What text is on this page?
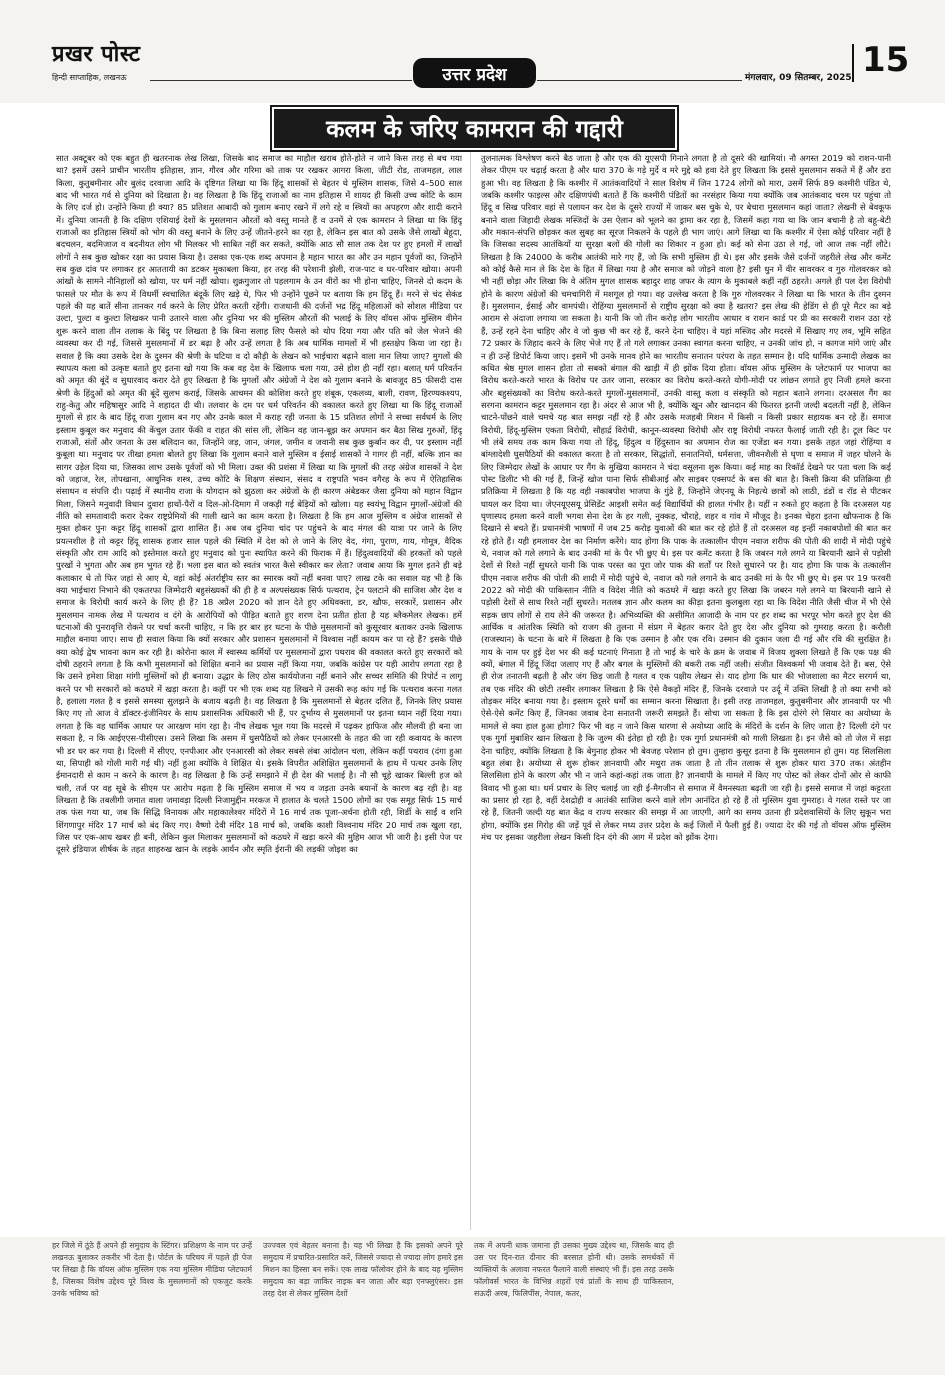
प्रखर पोस्ट
हिन्दी साप्ताहिक, लखनऊ	उत्तर प्रदेश	मंगलवार, 09 सितम्बर, 2025 15
कलम के जरिए कामरान की गद्दारी
सात अक्टूबर को एक बहुत ही खतरनाक लेख लिखा, जिसके बाद समाज का माहौल खराब होते-होते न जाने किस तरह से बच गया था? इसमें उसने प्राचीन भारतीय इतिहास, ज्ञान, गौरव और गरिमा को ताक पर रखकर आगरा किला, जीटी रोड, ताजमहल, लाल किला, कुतुबमीनार और बुलंद दरवाजा आदि के दृष्टिगत लिखा था कि हिंदू शासकों से बेहतर थे मुस्लिम शासक, जिसे 4–500 साल बाद भी भारत गर्व से दुनिया को दिखाता है। वह लिखता है कि हिंदू राजाओं का नाम इतिहास में शायद ही किसी उच्च कोटि के काम के लिए दर्ज हो। उन्होंने किया ही क्या? 85 प्रतिशत आबादी को गुलाम बनाए रखने में लगे रहे व स्त्रियों का अपहरण और शादी कराने में। दुनिया जानती है कि दक्षिण एशियाई देशों के मुसलमान औरतों को वस्तु मानते हैं व उनमें से एक कामरान ने लिखा था कि हिंदू राजाओं का इतिहास स्त्रियों को भोग की वस्तु बनाने के लिए उन्हें जीतने-हरने का रहा है, लेकिन इस बात को उसके जैसे लाखों बेहूदा, बदचलन, बदमिजाज व बदनीयत लोग भी मिलकर भी साबित नहीं कर सकते, क्योंकि आठ सौ साल तक देश पर हुए हमलों में लाखों लोगों ने सब कुछ खोकर रक्षा का प्रयास किया है। उसका एक-एक शब्द अपमान है महान भारत का और उन महान पूर्वजों का, जिन्होंने सब कुछ दांव पर लगाकर हर आततायी का डटकर मुकाबला किया, हर तरह की परेशानी झेली, राज-पाट व घर-परिवार खोया। अपनी आंखों के सामने नौनिहालों को खोया, पर धर्म नहीं खोया। शुक्रगुजार तो पहलगाम के उन वीरों का भी होना चाहिए, जिनसे दो कदम के फासले पर मौत के रूप में विधर्मी स्वचालित बंदूकें लिए खड़े थे, फिर भी उन्होंने पूछने पर बताया कि हम हिंदू हैं। मरने से चंद सेकंड पहले की यह बातें सीना तानकर गर्व करने के लिए प्रेरित करती रहेंगी। राजधानी की दर्जनों भद्र हिंदू महिलाओं को सोशल मीडिया पर उल्टा, पुल्टा व कुल्टा लिखकर पानी उतारने वाला और दुनिया भर की मुस्लिम औरतों की भलाई के लिए वॉयस ऑफ मुस्लिम वीमेन शुरू करने वाला तीन तलाक के बिंदु पर लिखता है कि बिना सलाह लिए फैसले को थोप दिया गया और पति को जेल भेजने की व्यवस्था कर दी गई, जिससे मुसलमानों में डर बढ़ा है और उन्हें लगता है कि अब धार्मिक मामलों में भी हस्तक्षेप किया जा रहा है। सवाल है कि क्या उसके देश के दुश्मन की श्रेणी के घटिया व दो कौड़ी के लेखन को भाईचारा बढ़ाने वाला मान लिया जाए? मुगलों की स्थापत्य कला को उत्कृष्ट बताते हुए इतना खो गया कि कब वह देश के खिलाफ चला गया, उसे होश ही नहीं रहा। बलात् धर्म परिवर्तन को अमृत की बूंदें व सुधारवाद करार देते हुए लिखता है कि मुगलों और अंग्रेजों ने देश को गुलाम बनाने के बावजूद 85 फीसदी दास श्रेणी के हिंदुओं को अमृत की बूंदें सुलभ कराई, जिसके आचमन की कोशिश करते हुए शंबूक, एकलव्य, बाली, रावण, हिरण्यकश्यप, राहु-केतु और महिषासुर आदि ने शहादत दी थी। तलवार के दम पर धर्म परिवर्तन की वकालत करते हुए लिखा था कि हिंदू राजाओं मुगलों से हार के बाद हिंदू राजा गुलाम बन गए और उनके काल में कराह रही जनता के 15 प्रतिशत लोगों ने सच्चा सर्वधर्म के लिए इस्लाम कुबूल कर मनुवाद की केंचुल उतार फेंकी व राहत की सांस ली, लेकिन वह जान-बूझ कर अपमान कर बैठा सिख गुरुओं, हिंदू राजाओं, संतों और जनता के उस बलिदान का, जिन्होंने जड़, जान, जंगल, जमीन व जवानी सब कुछ कुर्बान कर दी, पर इस्लाम नहीं कुबूला था। मनुवाद पर तीखा हमला बोलते हुए लिखा कि गुलाम बनाने वाले मुस्लिम व ईसाई शासकों ने गागर ही नहीं, बल्कि ज्ञान का सागर उड़ेल दिया था, जिसका लाभ उसके पूर्वजों को भी मिला। उक्त की प्रशंसा में लिखा था कि मुगलों की तरह अंग्रेज शासकों ने देश को जहाज, रेल, तोपखाना, आधुनिक शस्त्र, उच्च कोटि के शिक्षण संस्थान, संसद व राष्ट्रपति भवन वगैरह के रूप में ऐतिहासिक संसाधन व संपत्ति दी। पढ़ाई में स्थानीय राजा के योगदान को झुठला कर अंग्रेजों के ही कारण अंबेडकर जैसा दुनिया को महान विद्वान मिला, जिसने मनुवादी विधान दुवारा हाथों-पैरों व दिल-ओ-दिमाग में जकड़ी गई बेड़ियों को खोला। यह स्वयंभू विद्वान मुगलों-अंग्रेजों की नीति को समतावादी करार देकर राष्ट्रप्रेमियों की गाली खाने का काम करता है। लिखता है कि हम आज मुस्लिम व अंग्रेज शासकों से मुक्त होकर पुनः कट्टर हिंदू शासकों द्वारा शासित हैं। अब जब दुनिया चांद पर पहुंचने के बाद मंगल की यात्रा पर जाने के लिए प्रयत्नशील है तो कट्टर हिंदू शासक हजार साल पहले की स्थिति में देश को ले जाने के लिए वेद, गंगा, पुराण, गाय, गोमूत्र, वैदिक संस्कृति और राम आदि को इस्तेमाल करते हुए मनुवाद को पुनः स्थापित करने की फिराक में हैं। हिंदुत्ववादियों की हरकतों को पहले पुरखों ने भुगता और अब हम भुगत रहे हैं। भला इस बात को स्वतंत्र भारत कैसे स्वीकार कर लेता? जवाब आया कि मुगल इतने ही बड़े कलाकार थे तो फिर जहां से आए थे, वहां कोई अंतर्राष्ट्रीय स्तर का स्मारक क्यों नहीं बनवा पाए? लाख टके का सवाल यह भी है कि क्या भाईचारा निभाने की एकतरफा जिम्मेदारी बहुसंख्यकों की ही है व अल्पसंख्यक सिर्फ पत्थराव, ट्रेन पलटाने की साजिश और देश व समाज के विरोधी कार्य करने के लिए ही हैं? 18 अप्रैल 2020 को ज्ञान देते हुए अधिवक्ता, डर, खौफ, सरकारें, प्रशासन और मुसलमान नामक लेख में पत्थराव व दंगे के आरोपियों को पीड़ित बताते हुए शरण देना प्रतीत होता है यह ब्लैकमेलर लेखक। हमें घटनाओं की पुनरावृत्ति रोकने पर चर्चा करनी चाहिए, न कि हर बार हर घटना के पीछे मुसलमानों को कुसूरवार बताकर उनके खिलाफ माहौल बनाया जाए। साथ ही सवाल किया कि क्यों सरकार और प्रशासन मुसलमानों में विश्वास नहीं कायम कर पा रहे हैं? इसके पीछे क्या कोई द्वेष भावना काम कर रही है। कोरोना काल में स्वास्थ्य कर्मियों पर मुसलमानों द्वारा पथराव की वकालत करते हुए सरकारों को दोषी ठहराने लगता है कि कभी मुसलमानों को शिक्षित बनाने का प्रयास नहीं किया गया, जबकि कांग्रेस पर यही आरोप लगता रहा है कि उसने हमेशा शिक्षा मांगी मुस्लिमों को ही बनाया। उद्धार के लिए ठोस कार्ययोजना नहीं बनाने और सच्चर समिति की रिपोर्ट न लागू करने पर भी सरकारों को कठघरे में खड़ा करता है। कहीं पर भी एक शब्द यह लिखने में उसकी रूह कांप गई कि पत्थराव करना गलत है, हलाला गलत है व इससे समस्या सुलझने के बजाय बढ़ती है। वह लिखता है कि मुसलमानों से बेहतर दलित हैं, जिनके लिए प्रयास किए गए तो आज वे डॉक्टर-इंजीनियर के साथ प्रशासनिक अधिकारी भी हैं, पर दुर्भाग्य से मुसलमानों पर इतना ध्यान नहीं दिया गया। लगता है कि वह धार्मिक आधार पर आरक्षण मांग रहा है। नीच लेखक भूल गया कि मदरसे में पढ़कर हाफिज और मौलवी ही बना जा सकता है, न कि आईएएस-पीसीएस। उसने लिखा कि असम में घुसपैठियों को लेकर एनआरसी के तहत की जा रही कवायद के कारण भी डर घर कर गया है। दिल्ली में सीएए, एनपीआर और एनआरसी को लेकर सबसे लंबा आंदोलन चला, लेकिन कहीं पथराव (दंगा हुआ था, सिपाही को गोली मारी गई थी) नहीं हुआ क्योंकि वे शिक्षित थे। इसके विपरीत अशिक्षित मुसलमानों के हाथ में पत्थर उनके लिए ईमानदारी से काम न करने के कारण है। वह लिखता है कि उन्हें समझाने में ही देश की भलाई है। नौ सौ चूहे खाकर बिल्ली हज को चली, तर्ज पर वह सूबे के सीएम पर आरोप मढ़ता है कि मुस्लिम समाज में भय व जड़ता उनके बयानों के कारण बढ़ रही है। वह लिखता है कि तबलीगी जमात वाला जमावड़ा दिल्ली निजामुद्दीन मरकज में हालात के चलते 1500 लोगों का एक समूह सिर्फ 15 मार्च तक फंस गया था, जब कि सिद्धि विनायक और महाकालेश्वर मंदिरों में 16 मार्च तक पूजा-अर्चना होती रही, शिर्डी के साईं व शनि शिंगणापुर मंदिर 17 मार्च को बंद किए गए। वैष्णो देवी मंदिर 18 मार्च को, जबकि काशी विश्वनाथ मंदिर 20 मार्च तक खुला रहा, जिस पर एक-आध खबर ही बनी, लेकिन कुल मिलाकर मुसलमानों को कठघरे में खड़ा करने की मुहिम आज भी जारी है। इसी पेज पर दूसरे इंडियाज शीर्षक के तहत शाहरुख खान के लड़के आर्यन और स्मृति ईरानी की लड़की जोइश का
तुलनात्मक विश्लेषण करने बैठ जाता है और एक की यूएसपी गिनाने लगता है तो दूसरे की खामियां। नौ अगस्त 2019 को राशन-पानी लेकर पीएम पर चढ़ाई करता है और धारा 370 के गड़े मुर्दे व मरे मुद्दे को हवा देते हुए लिखता कि इससे मुसलमान सकते में हैं और डरा हुआ भी। वह लिखता है कि कश्मीर में आतंकवादियों ने साल विशेष में जिन 1724 लोगों को मारा, उसमें सिर्फ 89 कश्मीरी पंडित थे, जबकि कश्मीर फाइल्स और दक्षिणपंथी बताते हैं कि कश्मीरी पंडितों का नरसंहार किया गया क्योंकि जब आतंकवाद चरम पर पहुंचा तो हिंदू व सिख परिवार वहां से पलायन कर देश के दूसरे राज्यों में जाकर बस चुके थे, पर बेचारा मुसलमान कहां जाता? लेखनी से बेवकूफ बनाने वाला जिहादी लेखक मस्जिदों के उस ऐलान को भूलने का ड्रामा कर रहा है, जिसमें कहा गया था कि जान बचानी है तो बहू-बेटी और मकान-संपत्ति छोड़कर कल सुबह का सूरज निकलने के पहले ही भाग जाएं। आगे लिखा था कि कश्मीर में ऐसा कोई परिवार नहीं है कि जिसका सदस्य आतंकियों या सुरक्षा बलों की गोली का शिकार न हुआ हो। कई को सेना उठा ले गई, जो आज तक नहीं लौटे। लिखता है कि 24000 के करीब आतंकी मारे गए हैं, जो कि सभी मुस्लिम ही थे। इस और इसके जैसे दर्जनों जहरीले लेख और कमेंट को कोई कैसे मान ले कि देश के हित में लिखा गया है और समाज को जोड़ने वाला है? इसी धुन में वीर सावरकर व गुरु गोलवरकर को भी नहीं छोड़ा और लिखा कि वे अंतिम मुगल शासक बहादुर शाह जफर के त्याग के मुकाबले कहीं नहीं ठहरते। अगले ही पल देश विरोधी होने के कारण अंग्रेजों की चमचागिरी में मशगूल हो गया। वह उल्लेख करता है कि गुरु गोलवरकर ने लिखा था कि भारत के तीन दुश्मन हैं। मुसलमान, ईसाई और वामपंथी। रोहिंग्या मुसलमानों से राष्ट्रीय सुरक्षा को क्या है खतरा? इस लेख की हेडिंग से ही पूरे मैटर का बड़े आराम से अंदाजा लगाया जा सकता है। यानी कि जो तीन करोड़ लोग भारतीय आधार व राशन कार्ड पर प्री का सरकारी राशन उठा रहे हैं, उन्हें रहने देना चाहिए और वे जो कुछ भी कर रहे हैं, करने देना चाहिए। वे यहां मस्जिद और मदरसे में सिखाए गए लव, भूमि सहित 72 प्रकार के जिहाद करने के लिए भेजे गए हैं तो गले लगाकर उनका स्वागत करना चाहिए, न उनकी जांच हो, न कागज मांगे जाएं और न ही उन्हें डिपोर्ट किया जाए। इसमें भी उनके मानव होने का भारतीय सनातन परंपरा के तहत सम्मान है। यदि धार्मिक उन्मादी लेखक का कथित श्रेष्ठ मुगल शासन होता तो सबको बंगाल की खाड़ी में ही झोंक दिया होता। वॉयस ऑफ मुस्लिम के प्लेटफार्म पर भाजपा का विरोध करते-करते भारत के विरोध पर उतर जाना, सरकार का विरोध करते-करते योगी-मोदी पर लांछन लगाते हुए निजी हमले करना और बहुसंख्यकों का विरोध करते-करते मुगलों-मुसलमानों, उनकी वास्तु कला व संस्कृति को महान बताने लगना। दरअसल गैंग का सरगना कामरान कट्टर मुसलमान रहा है। अंदर से आज भी है, क्योंकि खून और खानदान की फितरत इतनी जल्दी बदलती नहीं है, लेकिन चाटने-पोंछने वाले चमचे यह बात समझ नहीं रहे हैं और उसके मजहबी मिशन में किसी न किसी प्रकार सहायक बन रहे हैं। समाज विरोधी, हिंदू-मुस्लिम एकता विरोधी, सौहार्द्र विरोधी, कानून-व्यवस्था विरोधी और राष्ट्र विरोधी नफरत फैलाई जाती रही है। टूल किट पर भी लंबे समय तक काम किया गया तो हिंदू, हिंदुत्व व हिंदुस्तान का अपमान रोज का एजेंडा बन गया। इसके तहत जहां रोहिंग्या व बांग्लादेशी घुसपैठियों की वकालत करता है तो सरकार, सिद्धांतों, सनातनियों, धर्मसत्ता, जीवनशैली से घृणा व समाज में जहर घोलने के लिए जिम्मेदार लेखों के आधार पर गैंग के मुखिया कामरान ने चंदा वसूलना शुरू किया। कई माह का रिकॉर्ड देखने पर पता चला कि कई पोस्ट डिलीट भी की गई हैं, जिन्हें खोज पाना सिर्फ सीबीआई और साइबर एक्सपर्ट के बस की बात है। किसी क्रिया की प्रतिक्रिया ही प्रतिक्रिया में लिखता है कि यह वही नकाबपोश भाजपा के गुंडे हैं, जिन्होंने जेएनयू के निहत्थे छात्रों को लाठी, डंडों व रॉड से पीटकर घायल कर दिया था। जेएनयूएसयू प्रेसिडेंट आइशी समेत कई विद्यार्थियों की हालत गंभीर है। यहीं न रुकते हुए कहता है कि दरअसल यह घृणास्पद हमला करने वाली भगवा सेना देश के हर गली, नुक्कड़, चौराहे, शहर व गांव में मौजूद है। इनका चेहरा इतना खौफनाक है कि दिखाने से बचते हैं। प्रधानमंत्री भाषणों में जब 25 करोड़ युवाओं की बात कर रहे होते हैं तो दरअसल वह इन्हीं नकाबपोशों की बात कर रहे होते हैं। यही हमलावर देश का निर्माण करेंगे। याद होगा कि पाक के तत्कालीन पीएम नवाज शरीफ की पोती की शादी में मोदी पहुंचे थे, नवाज को गले लगाने के बाद उनकी मां के पैर भी छुए थे। इस पर कमेंट करता है कि जबरन गले लगने या बिरयानी खाने से पड़ोसी देशों से रिश्ते नहीं सुधरते यानी कि पाक परस्त का पूरा जोर पाक की शर्तों पर रिश्ते सुधारने पर है। याद होगा कि पाक के तत्कालीन पीएम नवाज शरीफ की पोती की शादी में मोदी पहुंचे थे, नवाज को गले लगाने के बाद उनकी मां के पैर भी छुए थे। इस पर 19 फरवरी 2022 को मोदी की पाकिस्तान नीति व विदेश नीति को कठघरे में खड़ा करते हुए लिखा कि जबरन गले लगने या बिरयानी खाने से पड़ोसी देशों से साथ रिश्ते नहीं सुधरते। मतलब ज्ञान और कलम का कीड़ा इतना कुलबुला रहा था कि विदेश नीति जैसी चीज में भी ऐसे सड़क छाप लोगों से राय लेने की जरूरत है। अभिव्यक्ति की असीमित आजादी के नाम पर हर शब्द का भरपूर भोग करते हुए देश की आर्थिक व आंतरिक स्थिति को राजग की तुलना में संप्रग में बेहतर करार देते हुए देश और दुनिया को गुमराह करता है। करौली (राजस्थान) के घटना के बारे में लिखता है कि एक उस्मान है और एक रवि। उस्मान की दुकान जला दी गई और रवि की सुरक्षित है। गाय के नाम पर हुई देश भर की कई घटनाएं गिनाता है तो भाई के चारे के क्रम के जवाब में विजय शुक्ला लिखते हैं कि एक पक्ष की क्यों, बंगाल में हिंदू जिंदा जलाए गए हैं और बगल के मुस्लिमों की बकरी तक नहीं जली। संजीत विश्वकर्मा भी जवाब देते हैं। बस, ऐसे ही रोज तनातनी बढ़ती है और जंग छिड़ जाती है गलत व एक पक्षीय लेखन से। याद होगा कि धार की भोजशाला का मैटर सरगर्म था, तब एक मंदिर की छोटी तस्वीर लगाकर लिखता है कि ऐसे वैकड़ों मंदिर हैं, जिनके दरवाजे पर उर्दू में उक्ति लिखी है तो क्या सभी को तोड़कर मंदिर बनाया गया है। इस्लाम दूसरे धर्मों का सम्मान करना सिखाता है। इसी तरह ताजमहल, कुतुबमीनार और ज्ञानवापी पर भी ऐसे-ऐसे कमेंट किए हैं, जिनका जवाब देना सनातनी जरूरी समझते हैं। सोचा जा सकता है कि इस दोरंगे रंगे सियार का अयोध्या के मामले से क्या हाल हुआ होगा? फिर भी वह न जाने किस धारणा से अयोध्या आदि के मंदिरों के दर्शन के लिए जाता है? दिल्ली दंगे पर एक गुर्गा मुबाशिर खान लिखता है कि जुल्म की इंतेहा हो रही है। एक गुर्गा प्रधानमंत्री को गाली लिखता है। इन जैसे को तो जेल में सड़ा देना चाहिए, क्योंकि लिखता है कि बेगुनाह होकर भी बेवजह परेशान हो तुम। तुम्हारा कुसूर इतना है कि मुसलमान हो तुम। यह सिलसिला बहुत लंबा है। अयोध्या से शुरू होकर ज्ञानवापी और मथुरा तक जाता है तो तीन तलाक से शुरू होकर धारा 370 तक। अंतहीन सिलसिला होने के कारण और भी न जाने कहां-कहां तक जाता है? ज्ञानवापी के मामले में किए गए पोस्ट को लेकर दोनों ओर से काफी विवाद भी हुआ था। धर्म प्रचार के लिए चलाई जा रही ई-मैगजीन से समाज में वैमनस्यता बढ़ती जा रही है। इससे समाज में जहां कट्टरता का प्रसार हो रहा है, वहीं देशद्रोही व आतंकी साजिश करने वाले लोग आनंदित हो रहे हैं तो मुस्लिम युवा गुमराह। वे गलत रास्ते पर जा रहे हैं, जितनी जल्दी यह बात केंद्र व राज्य सरकार की समझ में आ जाएगी, आगे का समय उतना ही प्रदेशवासियों के लिए सुकून भरा होगा, क्योंकि इस गिरोह की जड़ें पूर्व से लेकर मध्य उत्तर प्रदेश के कई जिलों में फैली हुई हैं। ज्यादा देर की गई तो वॉयस ऑफ मुस्लिम मंच पर इसका जहरीला लेखन किसी दिन दंगे की आग में प्रदेश को झोंक देगा।
हर जिले में ठूंठे हैं अपने ही समुदाय के स्टिंगर। प्रशिक्षण के नाम पर उन्हें लखनऊ बुलाकर तकरीर भी देता है। पोर्टल के परिचय में पहले ही पेज पर लिखा है कि वॉयस ऑफ मुस्लिम एक नया मुस्लिम मीडिया प्लेटफार्म है, जिसका विशेष उद्देश्य पूरे विश्व के मुसलमानों को एकजुट करके उनके भविष्य को
उज्ज्वल एवं बेहतर बनाना है। यह भी लिखा है कि इसको अपने पूरे समुदाय में प्रचारित-प्रसारित करें, जिससे ज्यादा से ज्यादा लोग हमारे इस मिशन का हिस्सा बन सकें। एक लाख फॉलोवर होने के बाद यह मुस्लिम समुदाय का बड़ा जाकिर नाइक बन जाता और बड़ा एनफ्लुएंसर। इस तरह देश से लेकर मुस्लिम देशों
तक में अपनी धाक जमाना ही उसका मुख्य उद्देश्य था, जिसके बाद ही उस पर दिन-रात दीनार की बरसात होनी थी। उसके समर्थकों में व्यक्तियों के अलावा नफरत फैलाने वाली संस्थाएं भी हैं। इस तरह उसके फॉलोवर्स भारत के विभिन्न शहरों एवं प्रांतों के साथ ही पाकिस्तान, सऊदी अरब, फिलिपींस, नेपाल, कतर,
